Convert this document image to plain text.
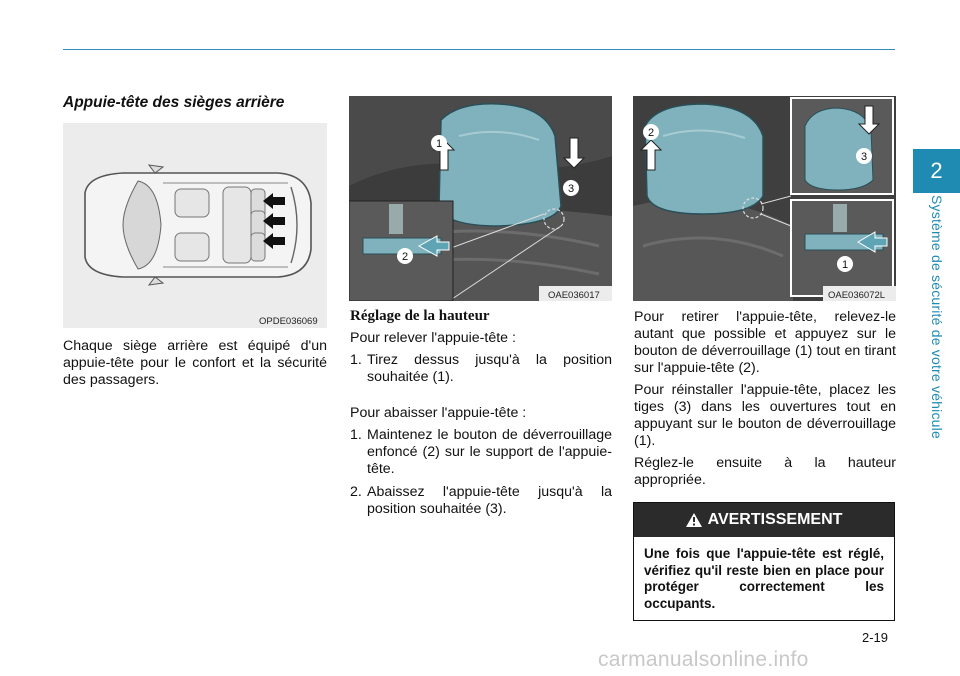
2
Système de sécurité de votre véhicule
Appuie-tête des sièges arrière
OPDE036069
1
2
3
OAE036017
2
3
1
OAE036072L

Chaque siège arrière est équipé d'un appuie-tête pour le confort et la sécurité des passagers.

Réglage de la hauteur

Pour relever l'appuie-tête :

1. Tirez dessus jusqu'à la position souhaitée (1).

Pour abaisser l'appuie-tête :

1. Maintenez le bouton de déverrouillage enfoncé (2) sur le support de l'appuie-tête.
2. Abaissez l'appuie-tête jusqu'à la position souhaitée (3).

Pour retirer l'appuie-tête, relevez-le autant que possible et appuyez sur le bouton de déverrouillage (1) tout en tirant sur l'appuie-tête (2).

Pour réinstaller l'appuie-tête, placez les tiges (3) dans les ouvertures tout en appuyant sur le bouton de déverrouillage (1).

Réglez-le ensuite à la hauteur appropriée.

AVERTISSEMENT
Une fois que l'appuie-tête est réglé, vérifiez qu'il reste bien en place pour protéger correctement les occupants.
2-19
carmanualsonline.info
